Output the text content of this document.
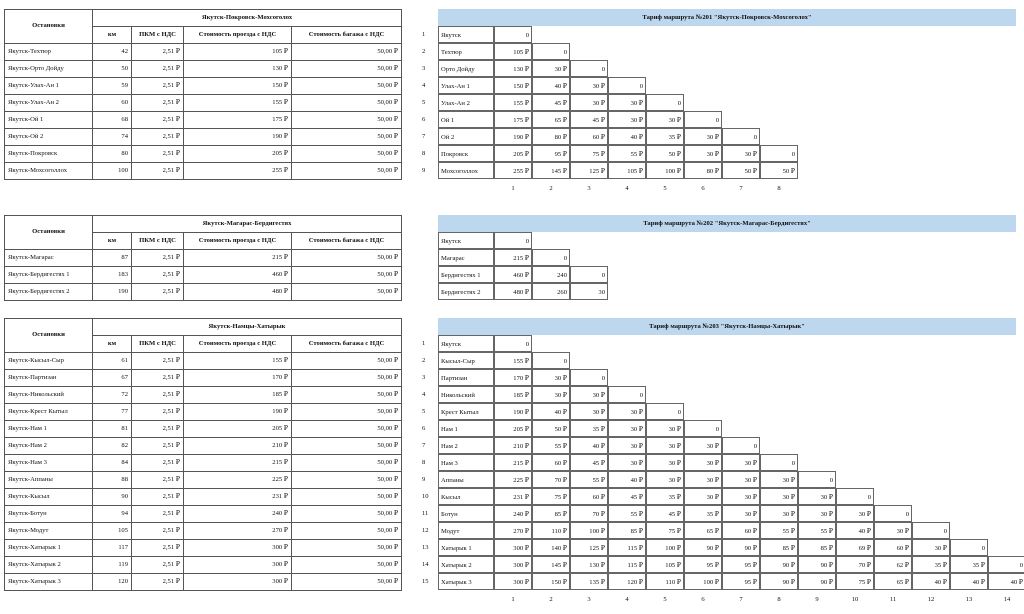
Остановки	Якутск-Покровск-Мохсоголох			
	км	ПКМ с НДС	Стоимость проезда с НДС	Стоимость багажа с НДС
Якутск-Техтюр	42	2,51 ₽	105 ₽	50,00 ₽
Якутск-Орто Дойду	50	2,51 ₽	130 ₽	50,00 ₽
Якутск-Улах-Ан 1	59	2,51 ₽	150 ₽	50,00 ₽
Якутск-Улах-Ан 2	60	2,51 ₽	155 ₽	50,00 ₽
Якутск-Ой 1	68	2,51 ₽	175 ₽	50,00 ₽
Якутск-Ой 2	74	2,51 ₽	190 ₽	50,00 ₽
Якутск-Покровск	80	2,51 ₽	205 ₽	50,00 ₽
Якутск-Мохсоголлох	100	2,51 ₽	255 ₽	50,00 ₽
Тариф маршрута №201 "Якутск-Покровск-Мохсоголох"
1	Якутск	0
2	Техтюр	105 ₽	0
3	Орто Дойду	130 ₽	30 ₽	0
4	Улах-Ан 1	150 ₽	40 ₽	30 ₽	0
5	Улах-Ан 2	155 ₽	45 ₽	30 ₽	30 ₽	0
6	Ой 1	175 ₽	65 ₽	45 ₽	30 ₽	30 ₽	0
7	Ой 2	190 ₽	80 ₽	60 ₽	40 ₽	35 ₽	30 ₽	0
8	Покровск	205 ₽	95 ₽	75 ₽	55 ₽	50 ₽	30 ₽	30 ₽	0
9	Мохсоголлох	255 ₽	145 ₽	125 ₽	105 ₽	100 ₽	80 ₽	50 ₽	50 ₽
1	2	3	4	5	6	7	8
Остановки	Якутск-Магарас-Бердигестях			
	км	ПКМ с НДС	Стоимость проезда с НДС	Стоимость багажа с НДС
Якутск-Магарас	87	2,51 ₽	215 ₽	50,00 ₽
Якутск-Бердигестях 1	183	2,51 ₽	460 ₽	50,00 ₽
Якутск-Бердигестях 2	190	2,51 ₽	480 ₽	50,00 ₽
Тариф маршрута №202 "Якутск-Магарас-Бердигестях"
Якутск	0
Магарас	215 ₽	0
Бердигестях 1	460 ₽	240	0
Бердигестях 2	480 ₽	260	30
Остановки	Якутск-Намцы-Хатырык			
	км	ПКМ с НДС	Стоимость проезда с НДС	Стоимость багажа с НДС
Якутск-Кысыл-Сыр	61	2,51 ₽	155 ₽	50,00 ₽
Якутск-Партизан	67	2,51 ₽	170 ₽	50,00 ₽
Якутск-Никольский	72	2,51 ₽	185 ₽	50,00 ₽
Якутск-Крест Кытыл	77	2,51 ₽	190 ₽	50,00 ₽
Якутск-Нам 1	81	2,51 ₽	205 ₽	50,00 ₽
Якутск-Нам 2	82	2,51 ₽	210 ₽	50,00 ₽
Якутск-Нам 3	84	2,51 ₽	215 ₽	50,00 ₽
Якутск-Аппаны	88	2,51 ₽	225 ₽	50,00 ₽
Якутск-Кысыл	90	2,51 ₽	231 ₽	50,00 ₽
Якутск-Ботун	94	2,51 ₽	240 ₽	50,00 ₽
Якутск-Модут	105	2,51 ₽	270 ₽	50,00 ₽
Якутск-Хатырык 1	117	2,51 ₽	300 ₽	50,00 ₽
Якутск-Хатырык 2	119	2,51 ₽	300 ₽	50,00 ₽
Якутск-Хатырык 3	120	2,51 ₽	300 ₽	50,00 ₽
Тариф маршрута №203 "Якутск-Намцы-Хатырык"
1	Якутск	0
2	Кысыл-Сыр	155 ₽	0
3	Партизан	170 ₽	30 ₽	0
4	Никольский	185 ₽	30 ₽	30 ₽	0
5	Крест Кытыл	190 ₽	40 ₽	30 ₽	30 ₽	0
6	Нам 1	205 ₽	50 ₽	35 ₽	30 ₽	30 ₽	0
7	Нам 2	210 ₽	55 ₽	40 ₽	30 ₽	30 ₽	30 ₽	0
8	Нам 3	215 ₽	60 ₽	45 ₽	30 ₽	30 ₽	30 ₽	30 ₽	0
9	Аппаны	225 ₽	70 ₽	55 ₽	40 ₽	30 ₽	30 ₽	30 ₽	30 ₽	0
10	Кысыл	231 ₽	75 ₽	60 ₽	45 ₽	35 ₽	30 ₽	30 ₽	30 ₽	30 ₽	0
11	Ботун	240 ₽	85 ₽	70 ₽	55 ₽	45 ₽	35 ₽	30 ₽	30 ₽	30 ₽	30 ₽	0
12	Модут	270 ₽	110 ₽	100 ₽	85 ₽	75 ₽	65 ₽	60 ₽	55 ₽	55 ₽	40 ₽	30 ₽	0
13	Хатырык 1	300 ₽	140 ₽	125 ₽	115 ₽	100 ₽	90 ₽	90 ₽	85 ₽	85 ₽	69 ₽	60 ₽	30 ₽	0
14	Хатырык 2	300 ₽	145 ₽	130 ₽	115 ₽	105 ₽	95 ₽	95 ₽	90 ₽	90 ₽	70 ₽	62 ₽	35 ₽	35 ₽	0
15	Хатырык 3	300 ₽	150 ₽	135 ₽	120 ₽	110 ₽	100 ₽	95 ₽	90 ₽	90 ₽	75 ₽	65 ₽	40 ₽	40 ₽	40 ₽
1	2	3	4	5	6	7	8	9	10	11	12	13	14
